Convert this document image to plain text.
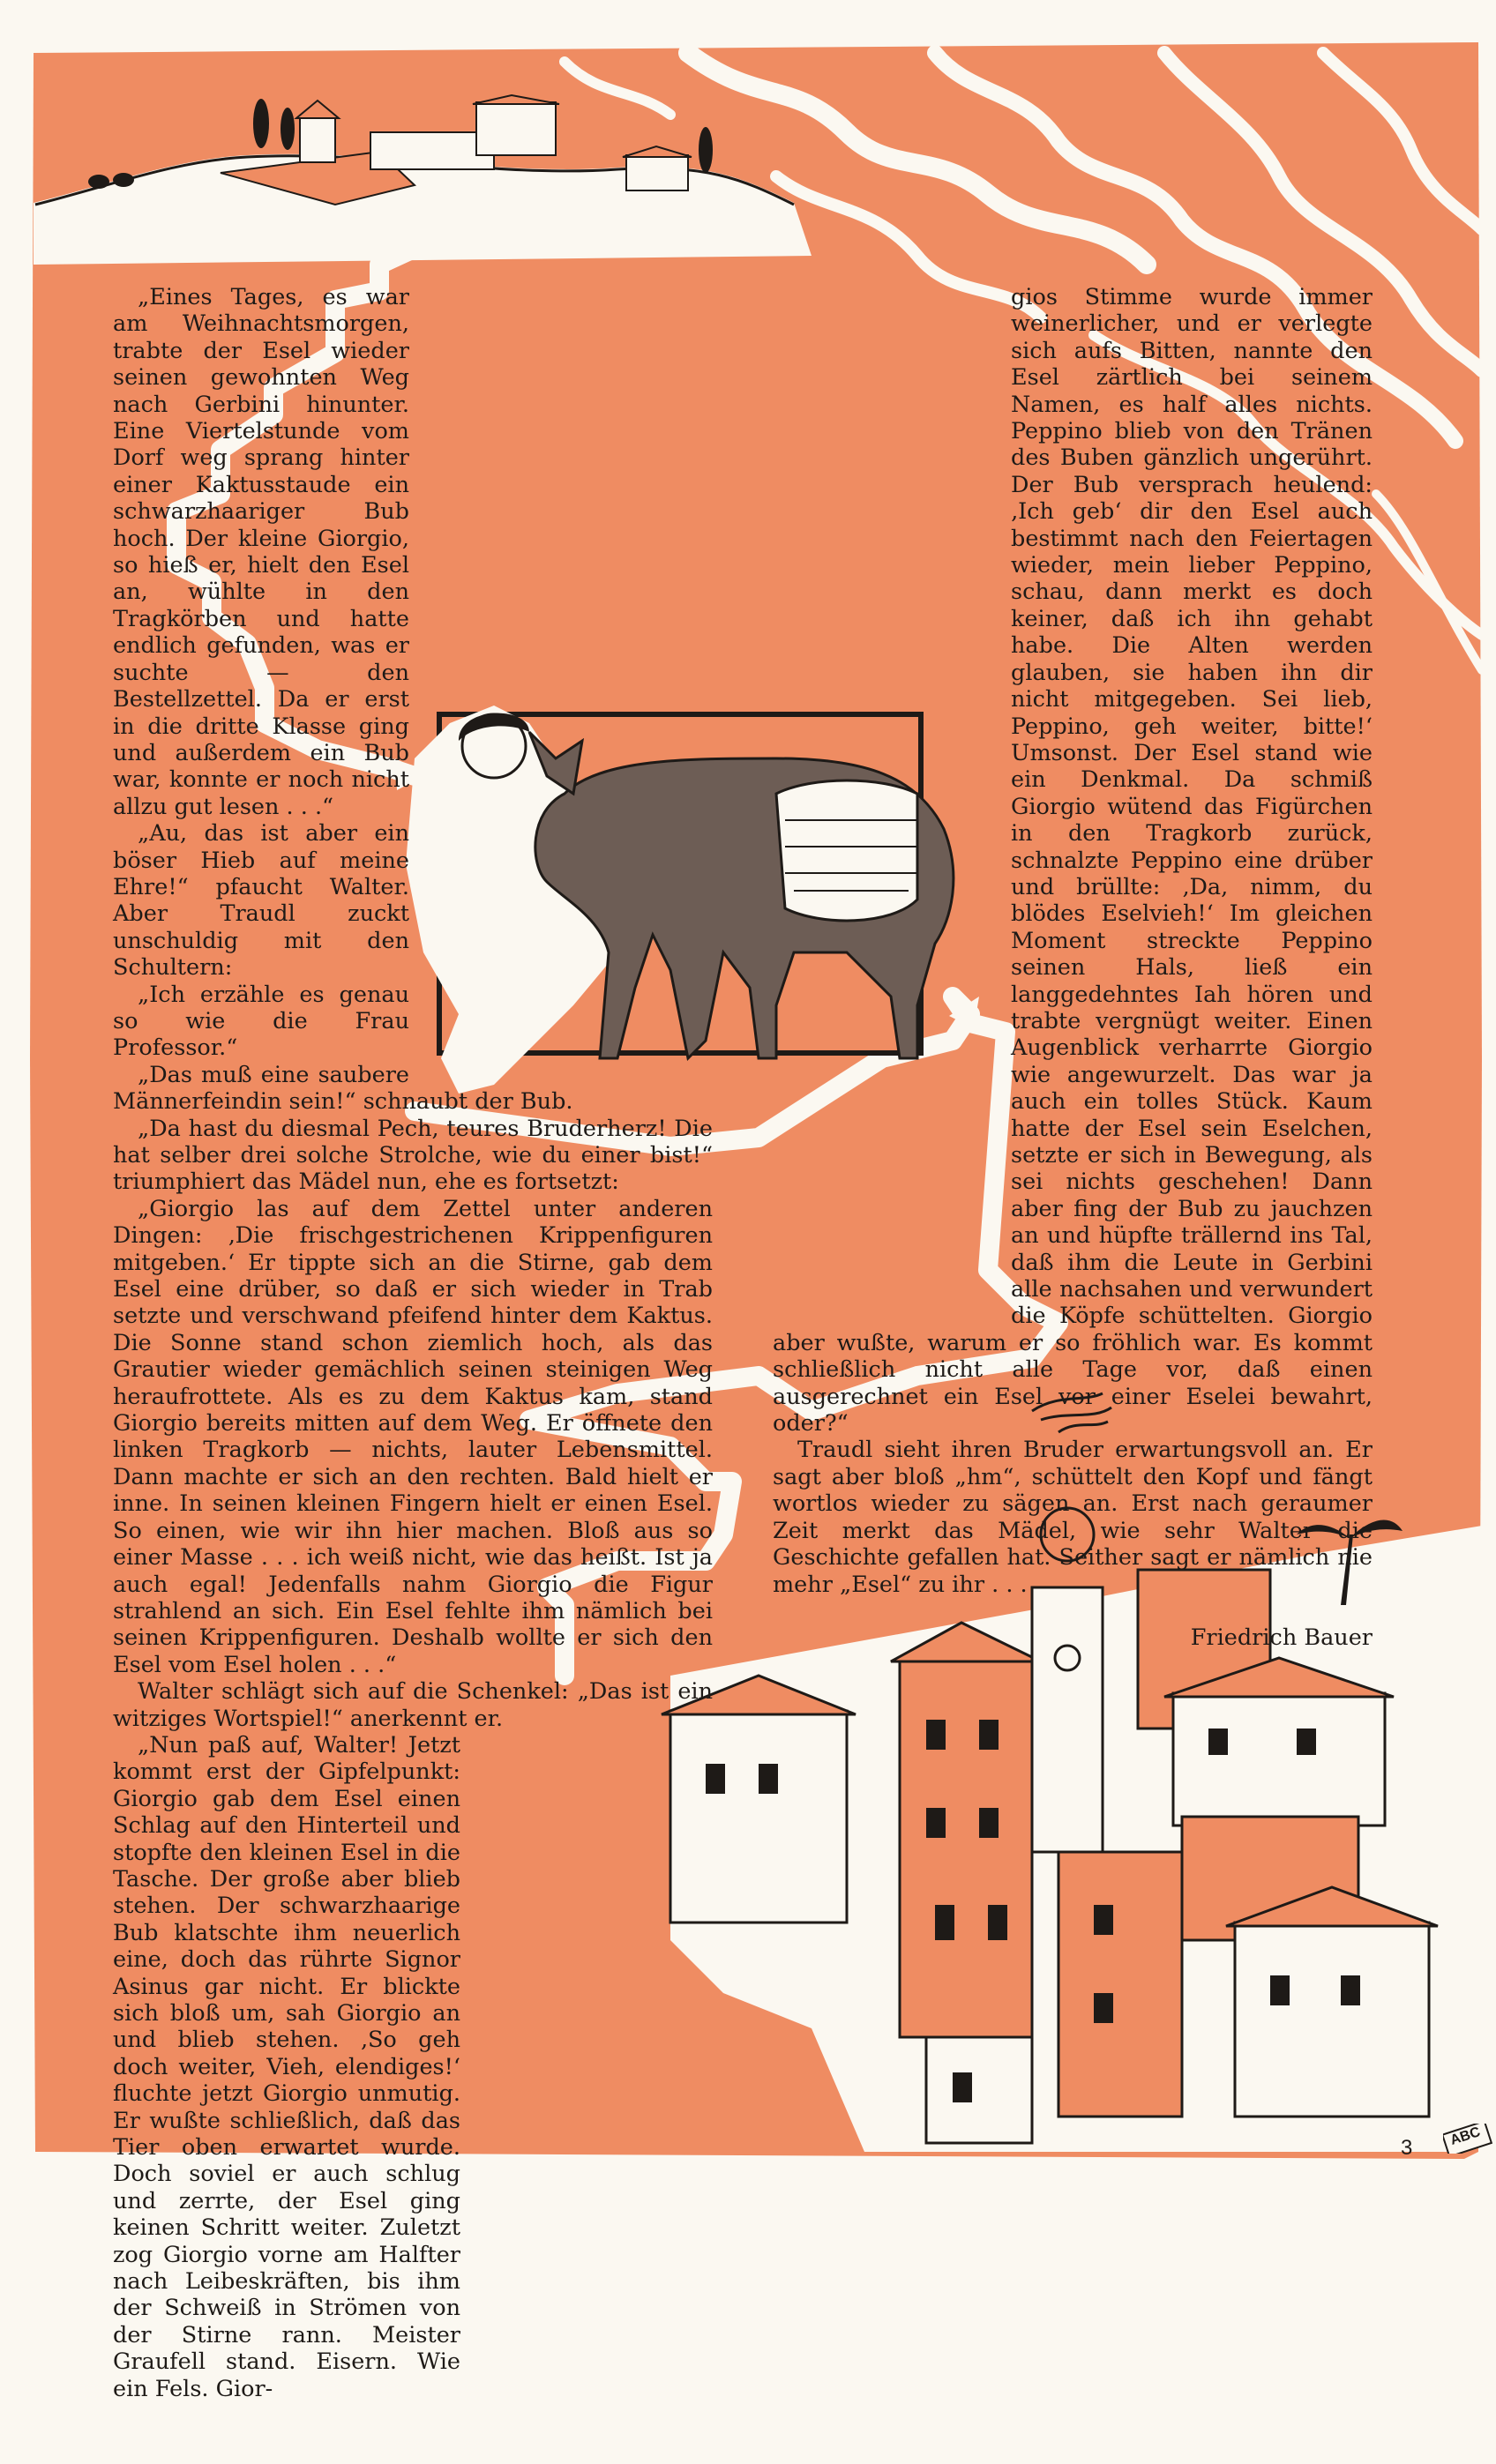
„Eines Tages, es war am Weihnachtsmorgen, trabte der Esel wieder seinen gewohnten Weg nach Gerbini hinunter. Eine Viertelstunde vom Dorf weg sprang hinter einer Kaktusstaude ein schwarzhaariger Bub hoch. Der kleine Giorgio, so hieß er, hielt den Esel an, wühlte in den Tragkörben und hatte endlich gefunden, was er suchte — den Bestellzettel. Da er erst in die dritte Klasse ging und außerdem ein Bub war, konnte er noch nicht allzu gut lesen . . .“

„Au, das ist aber ein böser Hieb auf meine Ehre!“ pfaucht Walter. Aber Traudl zuckt unschuldig mit den Schultern:

„Ich erzähle es genau so wie die Frau Professor.“

„Das muß eine saubere Männerfeindin sein!“ schnaubt der Bub.

„Da hast du diesmal Pech, teures Bruderherz! Die hat selber drei solche Strolche, wie du einer bist!“ triumphiert das Mädel nun, ehe es fortsetzt:

„Giorgio las auf dem Zettel unter anderen Dingen: ‚Die frischgestrichenen Krippenfiguren mitgeben.‘ Er tippte sich an die Stirne, gab dem Esel eine drüber, so daß er sich wieder in Trab setzte und verschwand pfeifend hinter dem Kaktus. Die Sonne stand schon ziemlich hoch, als das Grautier wieder gemächlich seinen steinigen Weg heraufrottete. Als es zu dem Kaktus kam, stand Giorgio bereits mitten auf dem Weg. Er öffnete den linken Tragkorb — nichts, lauter Lebensmittel. Dann machte er sich an den rechten. Bald hielt er inne. In seinen kleinen Fingern hielt er einen Esel. So einen, wie wir ihn hier machen. Bloß aus so einer Masse . . . ich weiß nicht, wie das heißt. Ist ja auch egal! Jedenfalls nahm Giorgio die Figur strahlend an sich. Ein Esel fehlte ihm nämlich bei seinen Krippenfiguren. Deshalb wollte er sich den Esel vom Esel holen . . .“

Walter schlägt sich auf die Schenkel: „Das ist ein witziges Wortspiel!“ anerkennt er.

„Nun paß auf, Walter! Jetzt kommt erst der Gipfelpunkt: Giorgio gab dem Esel einen Schlag auf den Hinterteil und stopfte den kleinen Esel in die Tasche. Der große aber blieb stehen. Der schwarzhaarige Bub klatschte ihm neuerlich eine, doch das rührte Signor Asinus gar nicht. Er blickte sich bloß um, sah Giorgio an und blieb stehen. ‚So geh doch weiter, Vieh, elendiges!‘ fluchte jetzt Giorgio unmutig. Er wußte schließlich, daß das Tier oben erwartet wurde. Doch soviel er auch schlug und zerrte, der Esel ging keinen Schritt weiter. Zuletzt zog Giorgio vorne am Halfter nach Leibeskräften, bis ihm der Schweiß in Strömen von der Stirne rann. Meister Graufell stand. Eisern. Wie ein Fels. Gior-

gios Stimme wurde immer weinerlicher, und er verlegte sich aufs Bitten, nannte den Esel zärtlich bei seinem Namen, es half alles nichts. Peppino blieb von den Tränen des Buben gänzlich ungerührt. Der Bub versprach heulend: ‚Ich geb‘ dir den Esel auch bestimmt nach den Feiertagen wieder, mein lieber Peppino, schau, dann merkt es doch keiner, daß ich ihn gehabt habe. Die Alten werden glauben, sie haben ihn dir nicht mitgegeben. Sei lieb, Peppino, geh weiter, bitte!‘ Umsonst. Der Esel stand wie ein Denkmal. Da schmiß Giorgio wütend das Figürchen in den Tragkorb zurück, schnalzte Peppino eine drüber und brüllte: ‚Da, nimm, du blödes Eselvieh!‘ Im gleichen Moment streckte Peppino seinen Hals, ließ ein langgedehntes Iah hören und trabte vergnügt weiter. Einen Augenblick verharrte Giorgio wie angewurzelt. Das war ja auch ein tolles Stück. Kaum hatte der Esel sein Eselchen, setzte er sich in Bewegung, als sei nichts geschehen! Dann aber fing der Bub zu jauchzen an und hüpfte trällernd ins Tal, daß ihm die Leute in Gerbini alle nachsahen und verwundert die Köpfe schüttelten. Giorgio aber wußte, warum er so fröhlich war. Es kommt schließlich nicht alle Tage vor, daß einen ausgerechnet ein Esel vor einer Eselei bewahrt, oder?“

Traudl sieht ihren Bruder erwartungsvoll an. Er sagt aber bloß „hm“, schüttelt den Kopf und fängt wortlos wieder zu sägen an. Erst nach geraumer Zeit merkt das Mädel, wie sehr Walter die Geschichte gefallen hat. Seither sagt er nämlich nie mehr „Esel“ zu ihr . . .

Friedrich Bauer

3	ABC
